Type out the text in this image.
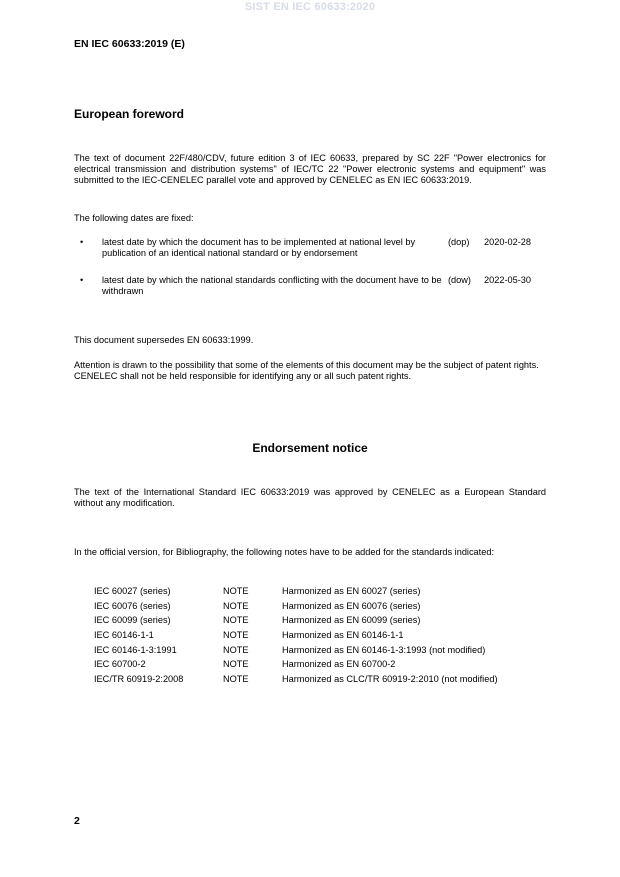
SIST EN IEC 60633:2020
EN IEC 60633:2019 (E)
European foreword
The text of document 22F/480/CDV, future edition 3 of IEC 60633, prepared by SC 22F "Power electronics for electrical transmission and distribution systems" of IEC/TC 22 "Power electronic systems and equipment" was submitted to the IEC-CENELEC parallel vote and approved by CENELEC as EN IEC 60633:2019.
The following dates are fixed:
• latest date by which the document has to be implemented at national level by publication of an identical national standard or by endorsement
(dop) 2020-02-28
• latest date by which the national standards conflicting with the document have to be withdrawn
(dow) 2022-05-30
This document supersedes EN 60633:1999.
Attention is drawn to the possibility that some of the elements of this document may be the subject of patent rights. CENELEC shall not be held responsible for identifying any or all such patent rights.
Endorsement notice
The text of the International Standard IEC 60633:2019 was approved by CENELEC as a European Standard without any modification.
In the official version, for Bibliography, the following notes have to be added for the standards indicated:
IEC 60027 (series)	NOTE	Harmonized as EN 60027 (series)
IEC 60076 (series)	NOTE	Harmonized as EN 60076 (series)
IEC 60099 (series)	NOTE	Harmonized as EN 60099 (series)
IEC 60146-1-1	NOTE	Harmonized as EN 60146-1-1
IEC 60146-1-3:1991	NOTE	Harmonized as EN 60146-1-3:1993 (not modified)
IEC 60700-2	NOTE	Harmonized as EN 60700-2
IEC/TR 60919-2:2008	NOTE	Harmonized as CLC/TR 60919-2:2010 (not modified)
2
